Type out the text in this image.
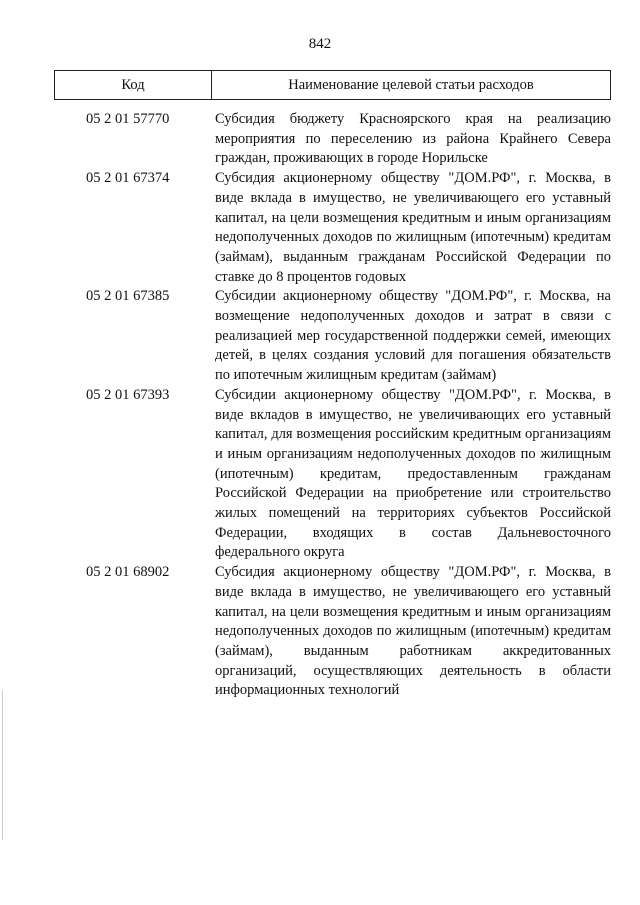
842
Код	Наименование целевой статьи расходов
05 2 01 57770	Субсидия бюджету Красноярского края на реализацию мероприятия по переселению из района Крайнего Севера граждан, проживающих в городе Норильске
05 2 01 67374	Субсидия акционерному обществу "ДОМ.РФ", г. Москва, в виде вклада в имущество, не увеличивающего его уставный капитал, на цели возмещения кредитным и иным организациям недополученных доходов по жилищным (ипотечным) кредитам (займам), выданным гражданам Российской Федерации по ставке до 8 процентов годовых
05 2 01 67385	Субсидии акционерному обществу "ДОМ.РФ", г. Москва, на возмещение недополученных доходов и затрат в связи с реализацией мер государственной поддержки семей, имеющих детей, в целях создания условий для погашения обязательств по ипотечным жилищным кредитам (займам)
05 2 01 67393	Субсидии акционерному обществу "ДОМ.РФ", г. Москва, в виде вкладов в имущество, не увеличивающих его уставный капитал, для возмещения российским кредитным организациям и иным организациям недополученных доходов по жилищным (ипотечным) кредитам, предоставленным гражданам Российской Федерации на приобретение или строительство жилых помещений на территориях субъектов Российской Федерации, входящих в состав Дальневосточного федерального округа
05 2 01 68902	Субсидия акционерному обществу "ДОМ.РФ", г. Москва, в виде вклада в имущество, не увеличивающего его уставный капитал, на цели возмещения кредитным и иным организациям недополученных доходов по жилищным (ипотечным) кредитам (займам), выданным работникам аккредитованных организаций, осуществляющих деятельность в области информационных технологий
